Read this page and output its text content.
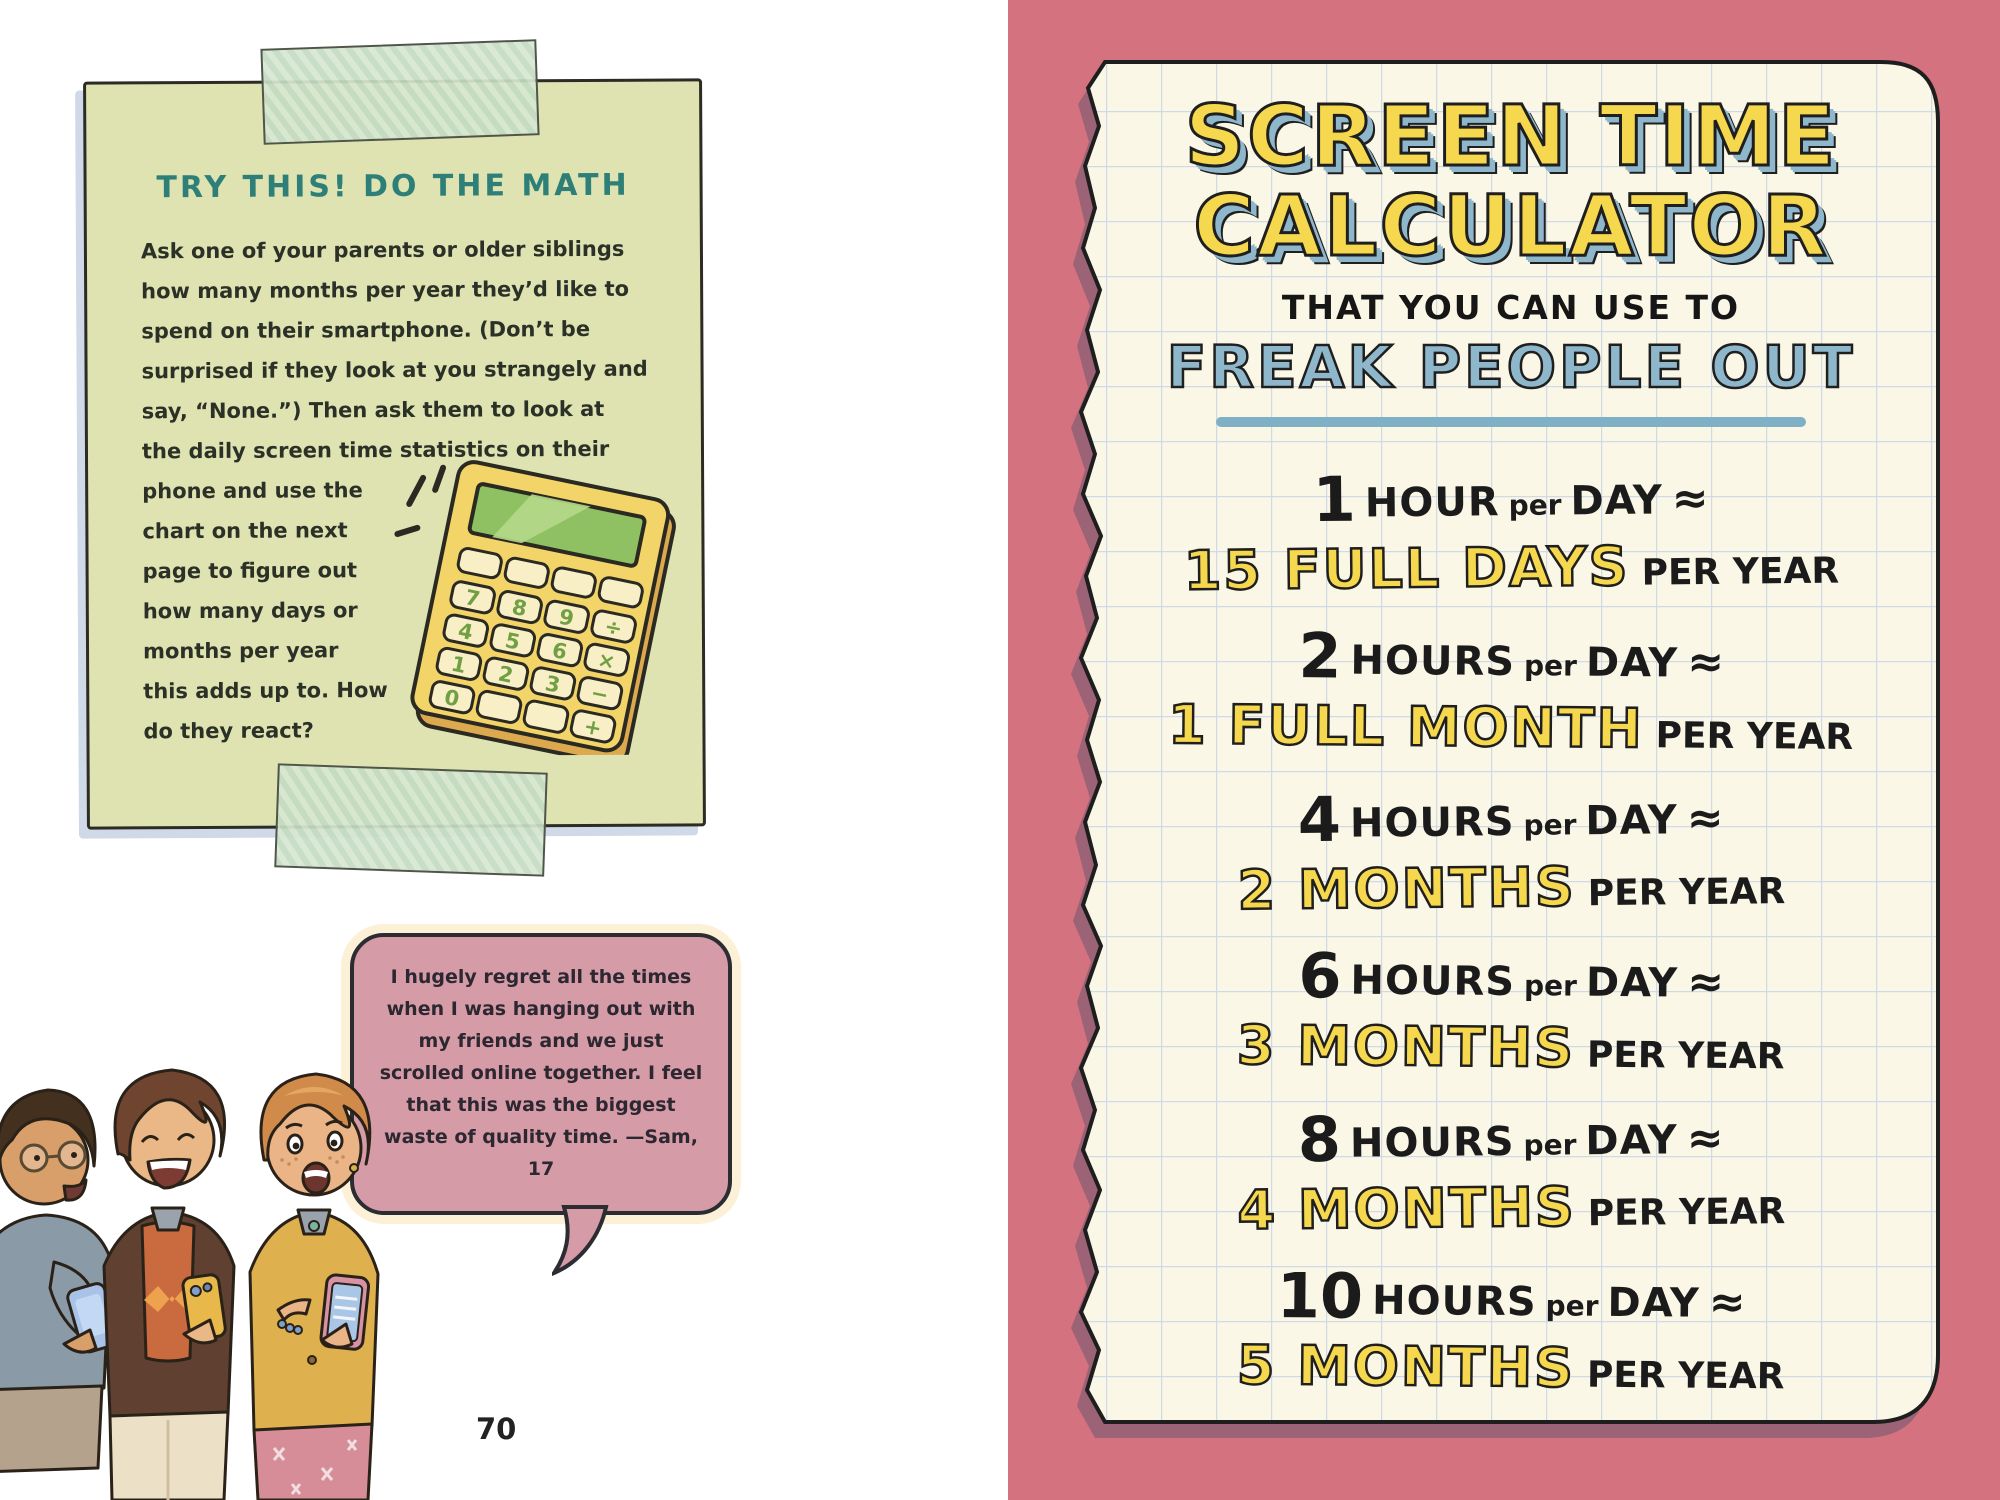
TRY THIS! DO THE MATH
Ask one of your parents or older siblings how many months per year they’d like to spend on their smartphone. (Don’t be surprised if they look at you strangely and say, “None.”) Then ask them to look at the daily screen time statistics on their
phone and use the chart on the next page to figure out how many days or months per year this adds up to. How do they react?
7 8 9 ÷
4 5 6 ×
1 2 3 −
0
+
I hugely regret all the times when I was hanging out with my friends and we just scrolled online together. I feel that this was the biggest waste of quality time. —Sam, 17
70
SCREEN TIME
CALCULATOR
THAT YOU CAN USE TO
FREAK PEOPLE OUT
1 HOUR per DAY ≈
15 FULL DAYS PER YEAR
2 HOURS per DAY ≈
1 FULL MONTH PER YEAR
4 HOURS per DAY ≈
2 MONTHS PER YEAR
6 HOURS per DAY ≈
3 MONTHS PER YEAR
8 HOURS per DAY ≈
4 MONTHS PER YEAR
10 HOURS per DAY ≈
5 MONTHS PER YEAR
